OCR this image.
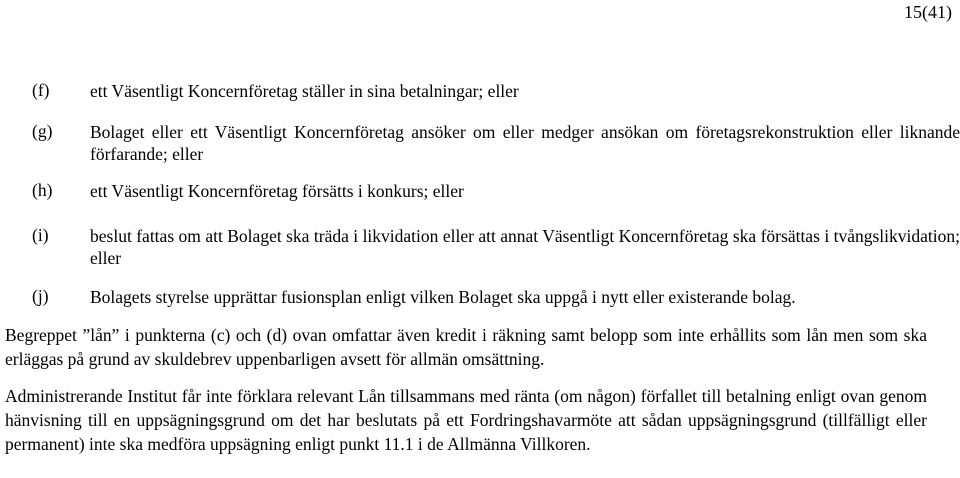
15(41)
(f) ett Väsentligt Koncernföretag ställer in sina betalningar; eller
(g) Bolaget eller ett Väsentligt Koncernföretag ansöker om eller medger ansökan om företagsrekonstruktion eller liknande förfarande; eller
(h) ett Väsentligt Koncernföretag försätts i konkurs; eller
(i) beslut fattas om att Bolaget ska träda i likvidation eller att annat Väsentligt Koncernföretag ska försättas i tvångslikvidation; eller
(j) Bolagets styrelse upprättar fusionsplan enligt vilken Bolaget ska uppgå i nytt eller existerande bolag.

Begreppet ”lån” i punkterna (c) och (d) ovan omfattar även kredit i räkning samt belopp som inte erhållits som lån men som ska erläggas på grund av skuldebrev uppenbarligen avsett för allmän omsättning.

Administrerande Institut får inte förklara relevant Lån tillsammans med ränta (om någon) förfallet till betalning enligt ovan genom hänvisning till en uppsägningsgrund om det har beslutats på ett Fordringshavarmöte att sådan uppsägningsgrund (tillfälligt eller permanent) inte ska medföra uppsägning enligt punkt 11.1 i de Allmänna Villkoren.
